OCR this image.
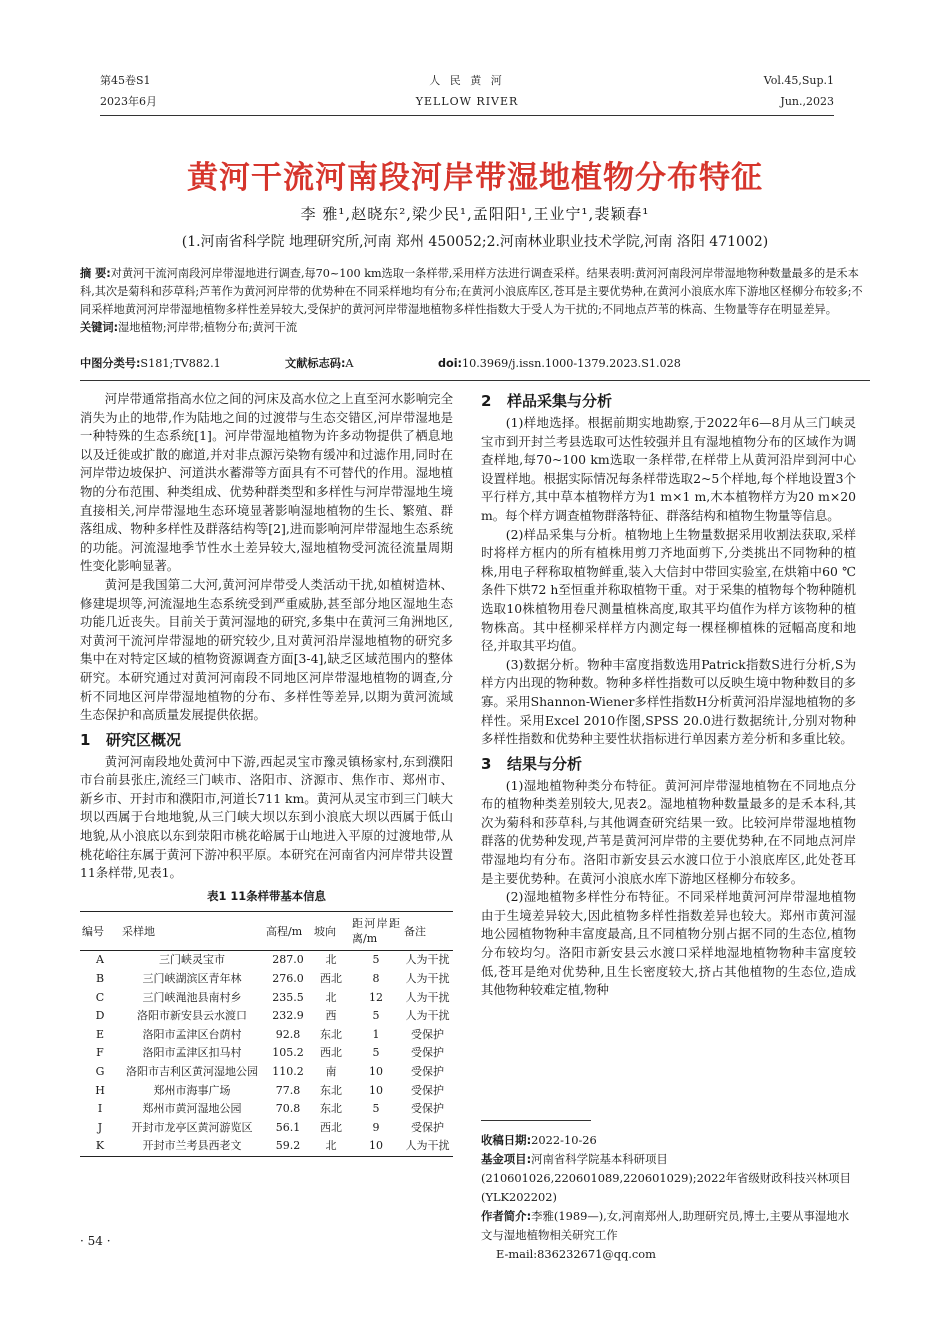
第45卷S1
2023年6月
人 民 黄 河
YELLOW RIVER
Vol.45,Sup.1
Jun.,2023
黄河干流河南段河岸带湿地植物分布特征
李 雅¹,赵晓东²,梁少民¹,孟阳阳¹,王业宁¹,裴颖春¹
(1.河南省科学院 地理研究所,河南 郑州 450052;2.河南林业职业技术学院,河南 洛阳 471002)
摘 要:对黄河干流河南段河岸带湿地进行调查,每70~100 km选取一条样带,采用样方法进行调查采样。结果表明:黄河河南段河岸带湿地物种数量最多的是禾本科,其次是菊科和莎草科;芦苇作为黄河河岸带的优势种在不同采样地均有分布;在黄河小浪底库区,苍耳是主要优势种,在黄河小浪底水库下游地区柽柳分布较多;不同采样地黄河河岸带湿地植物多样性差异较大,受保护的黄河河岸带湿地植物多样性指数大于受人为干扰的;不同地点芦苇的株高、生物量等存在明显差异。
关键词:湿地植物;河岸带;植物分布;黄河干流
中图分类号:S181;TV882.1	文献标志码:A	doi:10.3969/j.issn.1000-1379.2023.S1.028

河岸带通常指高水位之间的河床及高水位之上直至河水影响完全消失为止的地带,作为陆地之间的过渡带与生态交错区,河岸带湿地是一种特殊的生态系统[1]。河岸带湿地植物为许多动物提供了栖息地以及迁徙或扩散的廊道,并对非点源污染物有缓冲和过滤作用,同时在河岸带边坡保护、河道洪水蓄滞等方面具有不可替代的作用。湿地植物的分布范围、种类组成、优势种群类型和多样性与河岸带湿地生境直接相关,河岸带湿地生态环境显著影响湿地植物的生长、繁殖、群落组成、物种多样性及群落结构等[2],进而影响河岸带湿地生态系统的功能。河流湿地季节性水土差异较大,湿地植物受河流径流量周期性变化影响显著。

黄河是我国第二大河,黄河河岸带受人类活动干扰,如植树造林、修建堤坝等,河流湿地生态系统受到严重威胁,甚至部分地区湿地生态功能几近丧失。目前关于黄河湿地的研究,多集中在黄河三角洲地区,对黄河干流河岸带湿地的研究较少,且对黄河沿岸湿地植物的研究多集中在对特定区域的植物资源调查方面[3-4],缺乏区域范围内的整体研究。本研究通过对黄河河南段不同地区河岸带湿地植物的调查,分析不同地区河岸带湿地植物的分布、多样性等差异,以期为黄河流域生态保护和高质量发展提供依据。

1 研究区概况

黄河河南段地处黄河中下游,西起灵宝市豫灵镇杨家村,东到濮阳市台前县张庄,流经三门峡市、洛阳市、济源市、焦作市、郑州市、新乡市、开封市和濮阳市,河道长711 km。黄河从灵宝市到三门峡大坝以西属于台地地貌,从三门峡大坝以东到小浪底大坝以西属于低山地貌,从小浪底以东到荥阳市桃花峪属于山地进入平原的过渡地带,从桃花峪往东属于黄河下游冲积平原。本研究在河南省内河岸带共设置11条样带,见表1。

表1 11条样带基本信息
编号	采样地	高程/m	坡向	距河岸距离/m	备注
A	三门峡灵宝市	287.0	北	5	人为干扰
B	三门峡湖滨区青年林	276.0	西北	8	人为干扰
C	三门峡渑池县南村乡	235.5	北	12	人为干扰
D	洛阳市新安县云水渡口	232.9	西	5	人为干扰
E	洛阳市孟津区台荫村	92.8	东北	1	受保护
F	洛阳市孟津区扣马村	105.2	西北	5	受保护
G	洛阳市吉利区黄河湿地公园	110.2	南	10	受保护
H	郑州市海事广场	77.8	东北	10	受保护
I	郑州市黄河湿地公园	70.8	东北	5	受保护
J	开封市龙亭区黄河游览区	56.1	西北	9	受保护
K	开封市兰考县西老文	59.2	北	10	人为干扰
2 样品采集与分析

(1)样地选择。根据前期实地勘察,于2022年6—8月从三门峡灵宝市到开封兰考县选取可达性较强并且有湿地植物分布的区域作为调查样地,每70~100 km选取一条样带,在样带上从黄河沿岸到河中心设置样地。根据实际情况每条样带选取2~5个样地,每个样地设置3个平行样方,其中草本植物样方为1 m×1 m,木本植物样方为20 m×20 m。每个样方调查植物群落特征、群落结构和植物生物量等信息。

(2)样品采集与分析。植物地上生物量数据采用收割法获取,采样时将样方框内的所有植株用剪刀齐地面剪下,分类挑出不同物种的植株,用电子秤称取植物鲜重,装入大信封中带回实验室,在烘箱中60 ℃条件下烘72 h至恒重并称取植物干重。对于采集的植物每个物种随机选取10株植物用卷尺测量植株高度,取其平均值作为样方该物种的植物株高。其中柽柳采样样方内测定每一棵柽柳植株的冠幅高度和地径,并取其平均值。

(3)数据分析。物种丰富度指数选用Patrick指数S进行分析,S为样方内出现的物种数。物种多样性指数可以反映生境中物种数目的多寡。采用Shannon-Wiener多样性指数H分析黄河沿岸湿地植物的多样性。采用Excel 2010作图,SPSS 20.0进行数据统计,分别对物种多样性指数和优势种主要性状指标进行单因素方差分析和多重比较。

3 结果与分析

(1)湿地植物种类分布特征。黄河河岸带湿地植物在不同地点分布的植物种类差别较大,见表2。湿地植物种数量最多的是禾本科,其次为菊科和莎草科,与其他调查研究结果一致。比较河岸带湿地植物群落的优势种发现,芦苇是黄河河岸带的主要优势种,在不同地点河岸带湿地均有分布。洛阳市新安县云水渡口位于小浪底库区,此处苍耳是主要优势种。在黄河小浪底水库下游地区柽柳分布较多。

(2)湿地植物多样性分布特征。不同采样地黄河河岸带湿地植物由于生境差异较大,因此植物多样性指数差异也较大。郑州市黄河湿地公园植物物种丰富度最高,且不同植物分别占据不同的生态位,植物分布较均匀。洛阳市新安县云水渡口采样地湿地植物物种丰富度较低,苍耳是绝对优势种,且生长密度较大,挤占其他植物的生态位,造成其他物种较难定植,物种

收稿日期:2022-10-26
基金项目:河南省科学院基本科研项目(210601026,220601089,220601029);2022年省级财政科技兴林项目(YLK202202)
作者简介:李雅(1989—),女,河南郑州人,助理研究员,博士,主要从事湿地水文与湿地植物相关研究工作
E-mail:836232671@qq.com
· 54 ·
